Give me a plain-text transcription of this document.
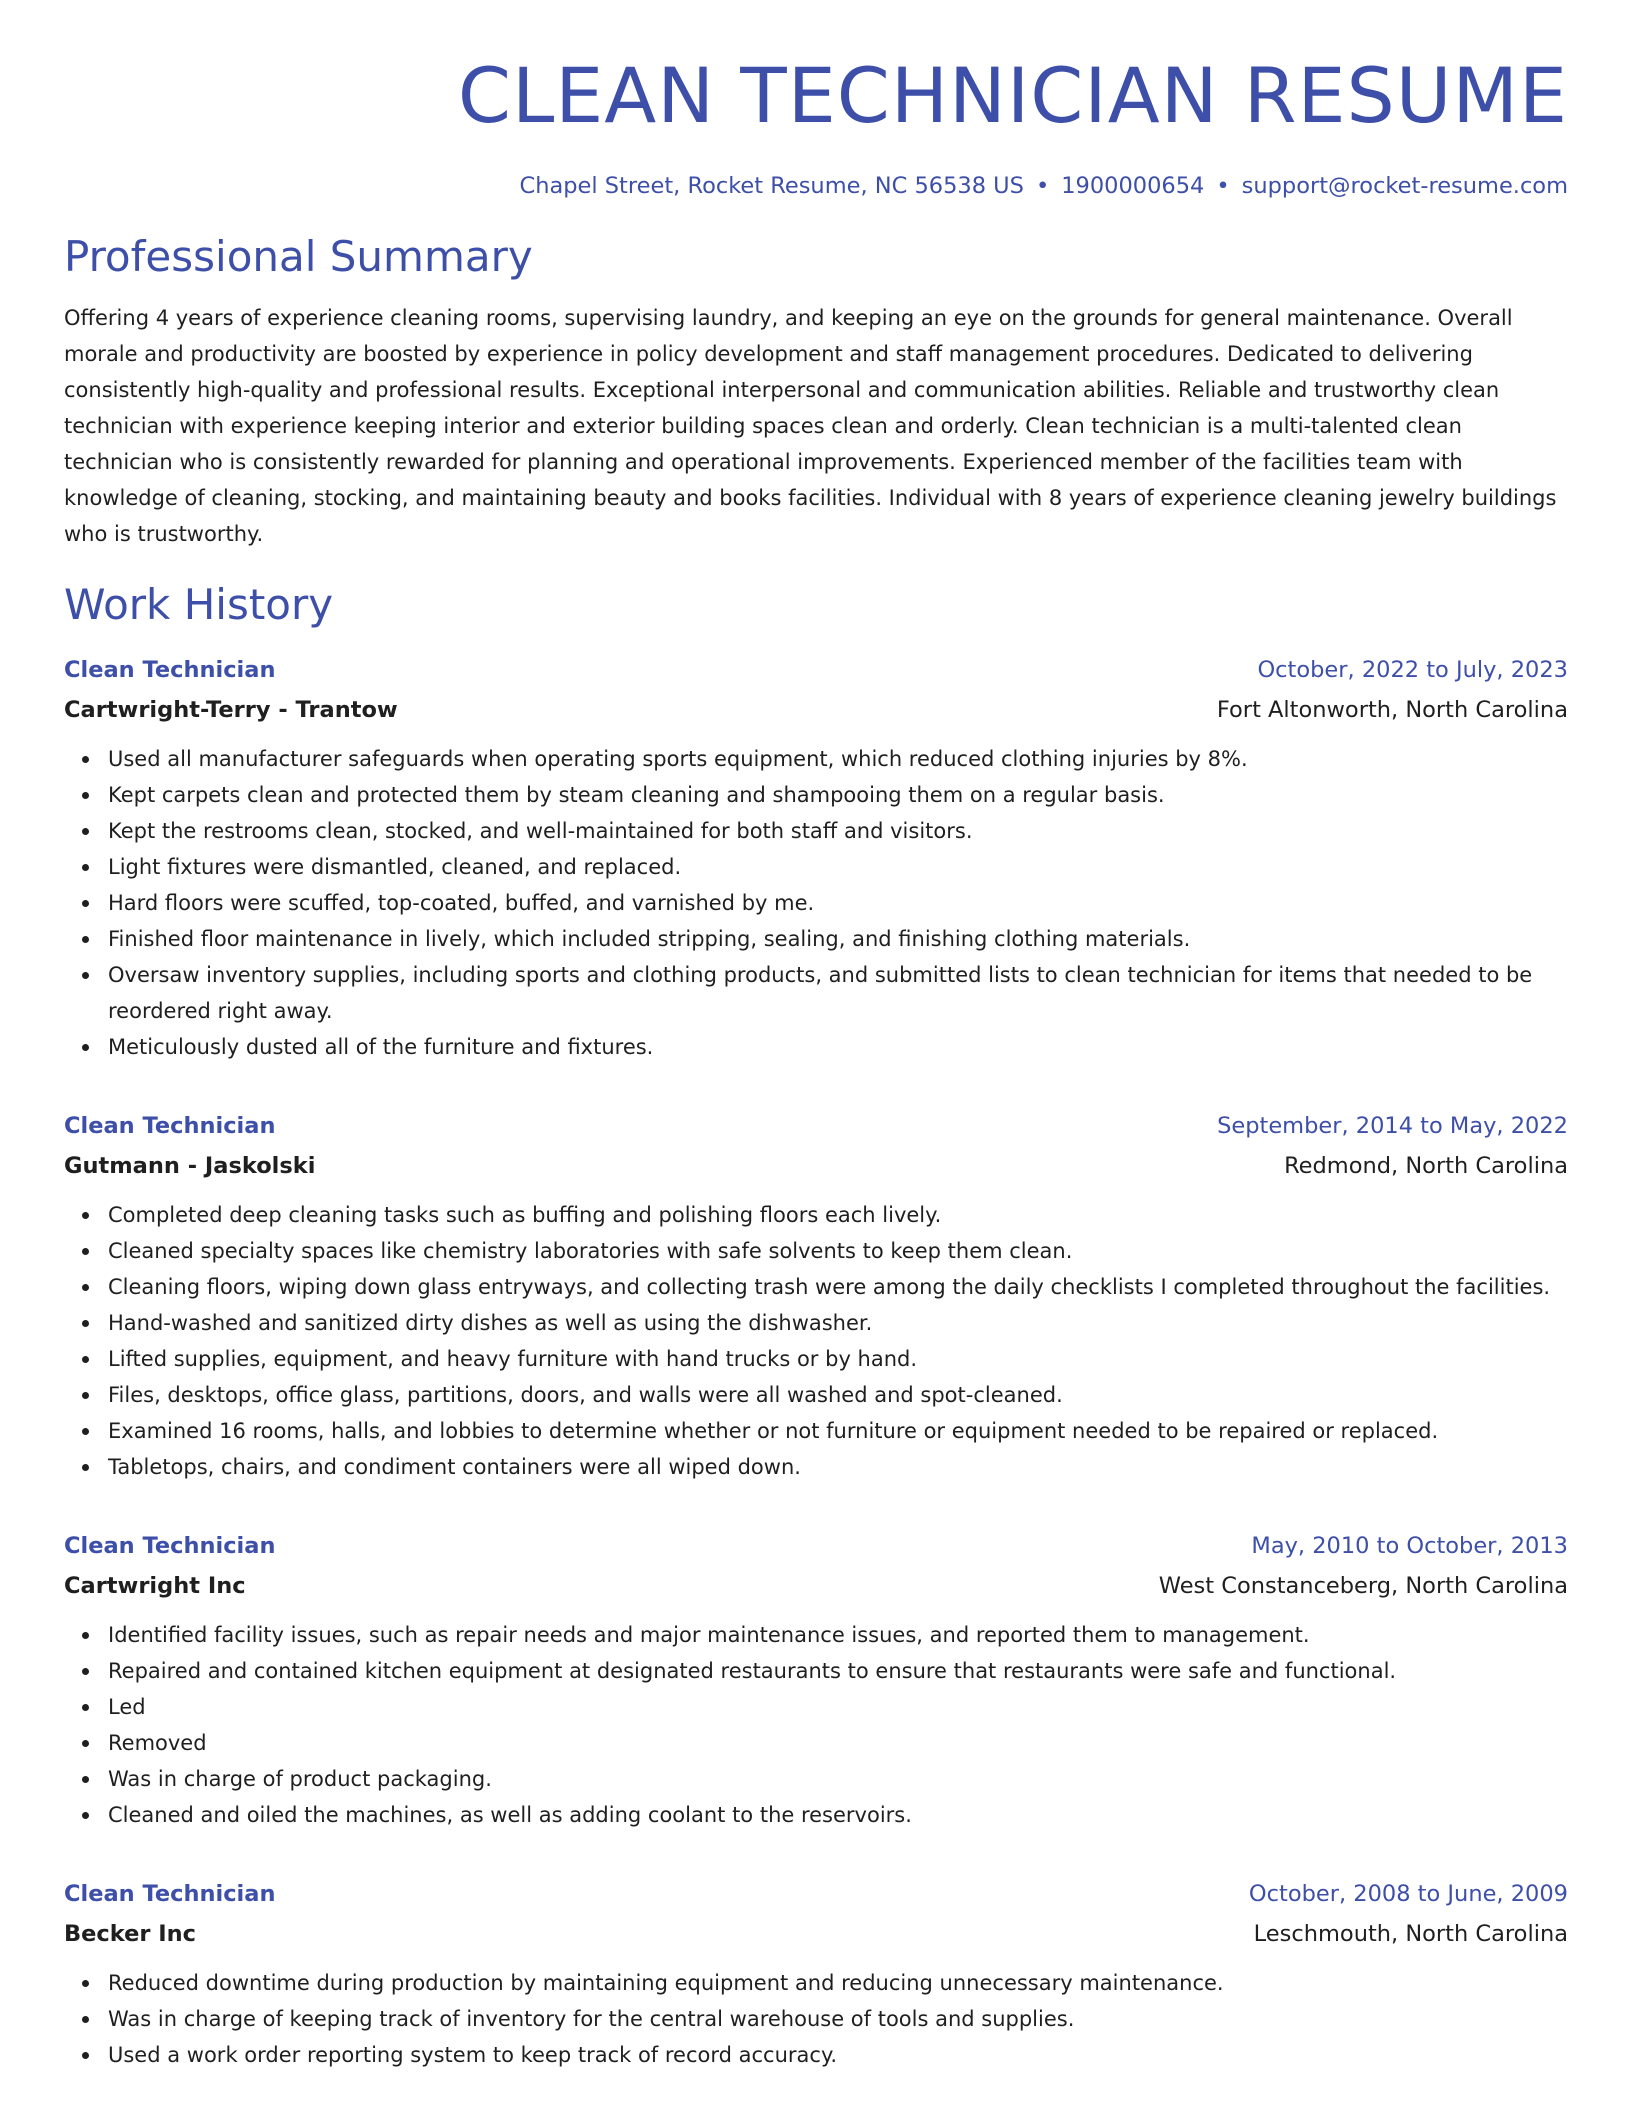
CLEAN TECHNICIAN RESUME
Chapel Street, Rocket Resume, NC 56538 US • 1900000654 • support@rocket-resume.com
Professional Summary
Offering 4 years of experience cleaning rooms, supervising laundry, and keeping an eye on the grounds for general maintenance. Overall morale and productivity are boosted by experience in policy development and staff management procedures. Dedicated to delivering consistently high-quality and professional results. Exceptional interpersonal and communication abilities. Reliable and trustworthy clean technician with experience keeping interior and exterior building spaces clean and orderly. Clean technician is a multi-talented clean technician who is consistently rewarded for planning and operational improvements. Experienced member of the facilities team with knowledge of cleaning, stocking, and maintaining beauty and books facilities. Individual with 8 years of experience cleaning jewelry buildings who is trustworthy.
Work History
Clean Technician	October, 2022 to July, 2023
Cartwright-Terry - Trantow	Fort Altonworth, North Carolina
Used all manufacturer safeguards when operating sports equipment, which reduced clothing injuries by 8%.
Kept carpets clean and protected them by steam cleaning and shampooing them on a regular basis.
Kept the restrooms clean, stocked, and well-maintained for both staff and visitors.
Light fixtures were dismantled, cleaned, and replaced.
Hard floors were scuffed, top-coated, buffed, and varnished by me.
Finished floor maintenance in lively, which included stripping, sealing, and finishing clothing materials.
Oversaw inventory supplies, including sports and clothing products, and submitted lists to clean technician for items that needed to be reordered right away.
Meticulously dusted all of the furniture and fixtures.
Clean Technician	September, 2014 to May, 2022
Gutmann - Jaskolski	Redmond, North Carolina
Completed deep cleaning tasks such as buffing and polishing floors each lively.
Cleaned specialty spaces like chemistry laboratories with safe solvents to keep them clean.
Cleaning floors, wiping down glass entryways, and collecting trash were among the daily checklists I completed throughout the facilities.
Hand-washed and sanitized dirty dishes as well as using the dishwasher.
Lifted supplies, equipment, and heavy furniture with hand trucks or by hand.
Files, desktops, office glass, partitions, doors, and walls were all washed and spot-cleaned.
Examined 16 rooms, halls, and lobbies to determine whether or not furniture or equipment needed to be repaired or replaced.
Tabletops, chairs, and condiment containers were all wiped down.
Clean Technician	May, 2010 to October, 2013
Cartwright Inc	West Constanceberg, North Carolina
Identified facility issues, such as repair needs and major maintenance issues, and reported them to management.
Repaired and contained kitchen equipment at designated restaurants to ensure that restaurants were safe and functional.
Led
Removed
Was in charge of product packaging.
Cleaned and oiled the machines, as well as adding coolant to the reservoirs.
Clean Technician	October, 2008 to June, 2009
Becker Inc	Leschmouth, North Carolina
Reduced downtime during production by maintaining equipment and reducing unnecessary maintenance.
Was in charge of keeping track of inventory for the central warehouse of tools and supplies.
Used a work order reporting system to keep track of record accuracy.
